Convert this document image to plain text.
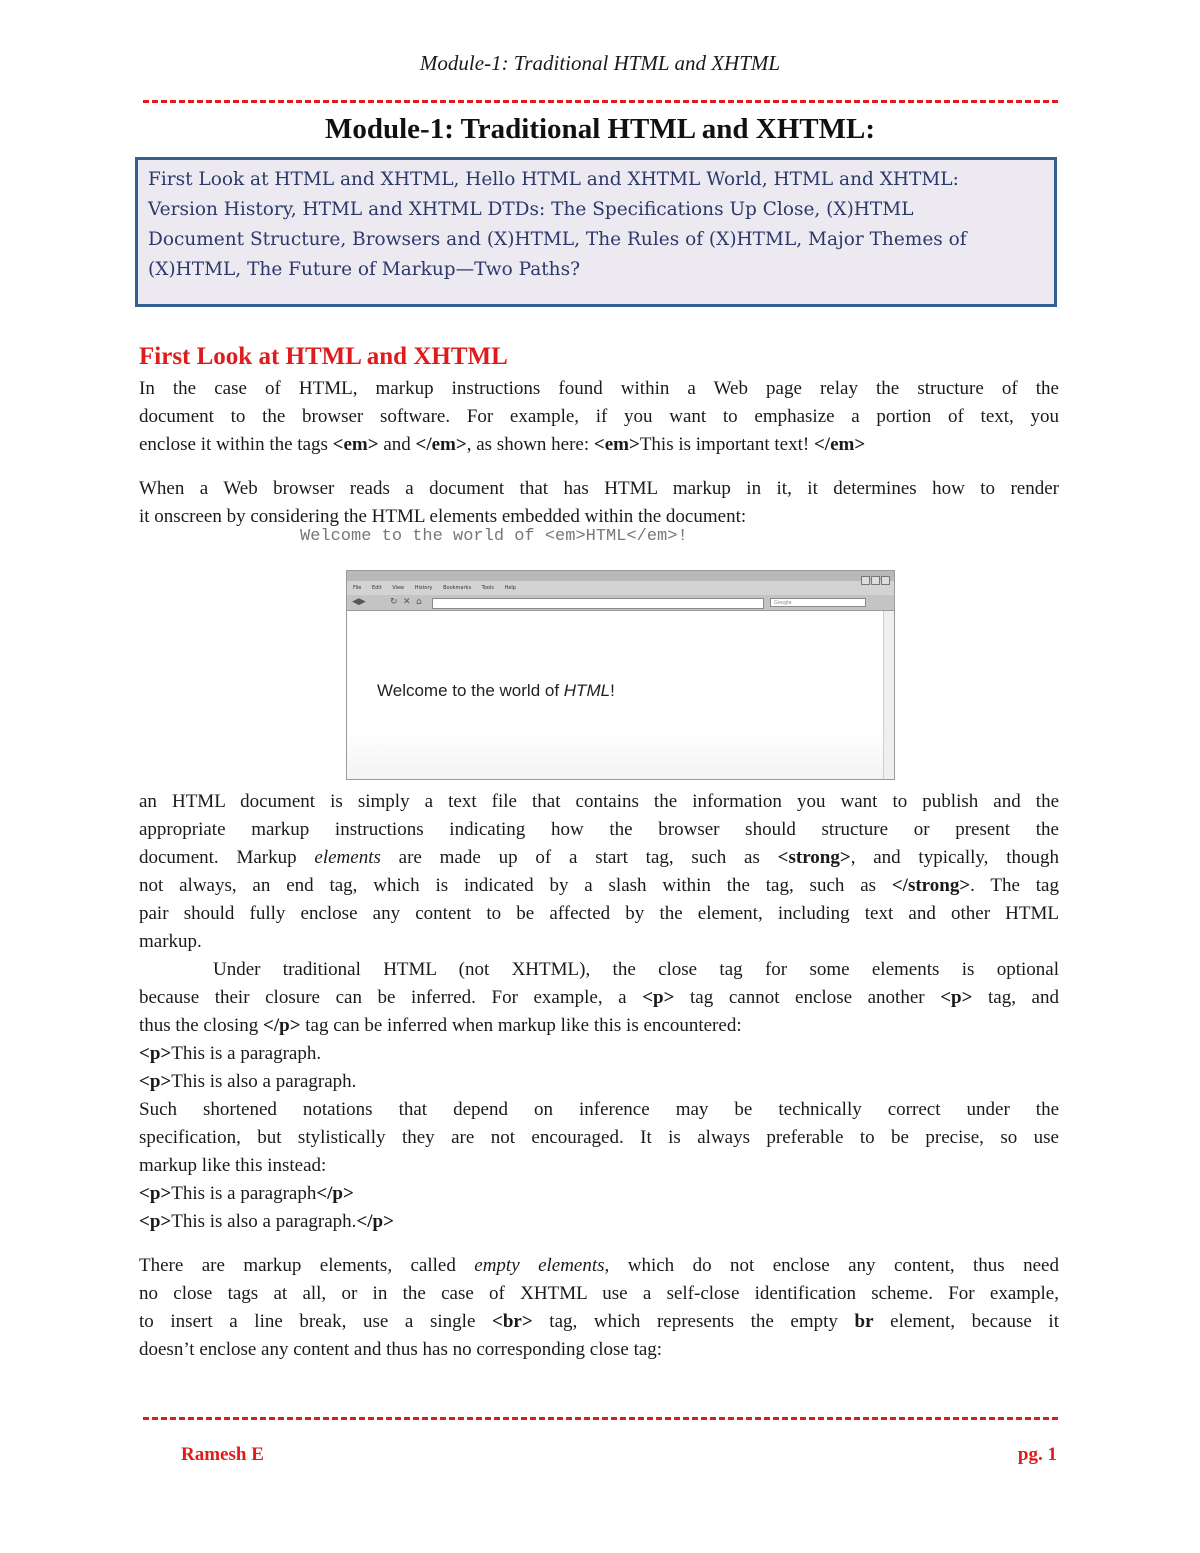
Module-1: Traditional HTML and XHTML
Module-1: Traditional HTML and XHTML:
First Look at HTML and XHTML, Hello HTML and XHTML World, HTML and XHTML:
Version History, HTML and XHTML DTDs: The Specifications Up Close, (X)HTML
Document Structure, Browsers and (X)HTML, The Rules of (X)HTML, Major Themes of
(X)HTML, The Future of Markup—Two Paths?
First Look at HTML and XHTML
In the case of HTML, markup instructions found within a Web page relay the structure of the
document to the browser software. For example, if you want to emphasize a portion of text, you
enclose it within the tags <em> and </em>, as shown here: <em>This is important text! </em>
When a Web browser reads a document that has HTML markup in it, it determines how to render
it onscreen by considering the HTML elements embedded within the document:
Welcome to the world of <em>HTML</em>!
File Edit View History Bookmarks Tools Help
◀▶	↻ ✕ ⌂	Google
Welcome to the world of HTML!
an HTML document is simply a text file that contains the information you want to publish and the
appropriate markup instructions indicating how the browser should structure or present the
document. Markup elements are made up of a start tag, such as <strong>, and typically, though
not always, an end tag, which is indicated by a slash within the tag, such as </strong>. The tag
pair should fully enclose any content to be affected by the element, including text and other HTML
markup.
Under traditional HTML (not XHTML), the close tag for some elements is optional
because their closure can be inferred. For example, a <p> tag cannot enclose another <p> tag, and
thus the closing </p> tag can be inferred when markup like this is encountered:
<p>This is a paragraph.
<p>This is also a paragraph.
Such shortened notations that depend on inference may be technically correct under the
specification, but stylistically they are not encouraged. It is always preferable to be precise, so use
markup like this instead:
<p>This is a paragraph</p>
<p>This is also a paragraph.</p>
There are markup elements, called empty elements, which do not enclose any content, thus need
no close tags at all, or in the case of XHTML use a self-close identification scheme. For example,
to insert a line break, use a single <br> tag, which represents the empty br element, because it
doesn’t enclose any content and thus has no corresponding close tag:
Ramesh E	pg. 1
